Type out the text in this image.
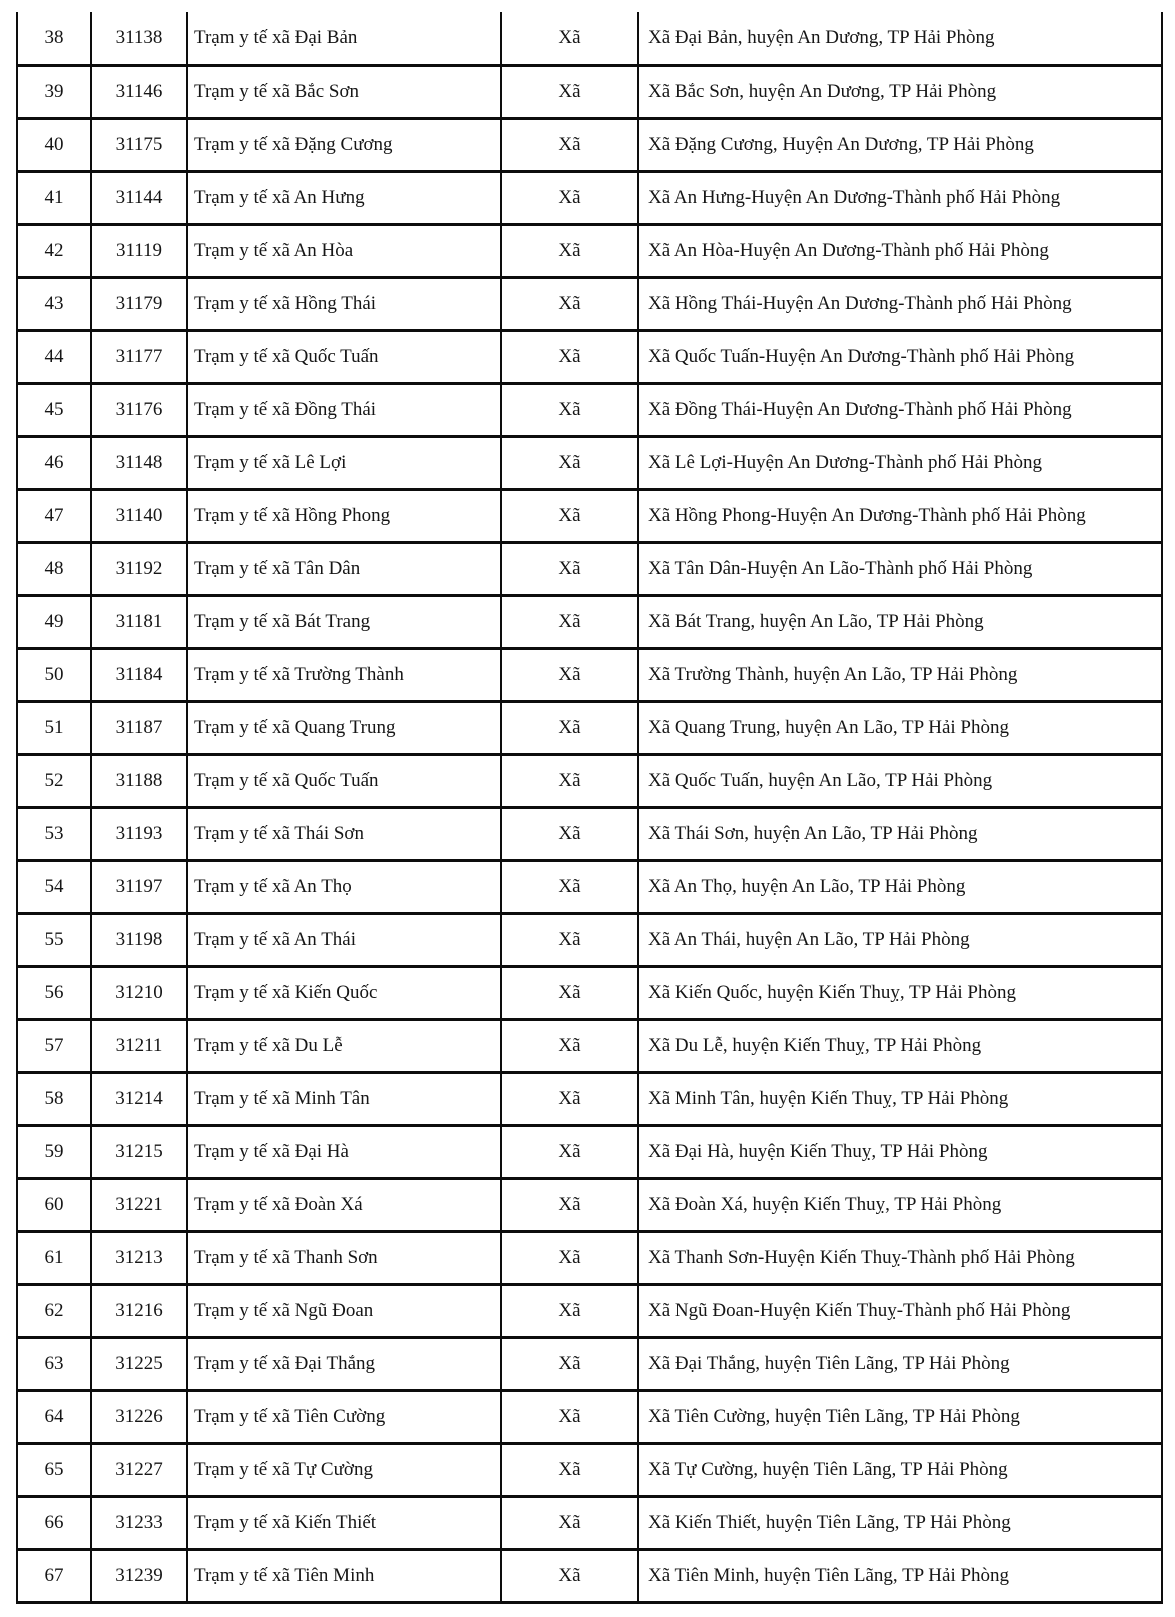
38	31138	Trạm y tế xã Đại Bản	Xã	Xã Đại Bản, huyện An Dương, TP Hải Phòng
39	31146	Trạm y tế xã Bắc Sơn	Xã	Xã Bắc Sơn, huyện An Dương, TP Hải Phòng
40	31175	Trạm y tế xã Đặng Cương	Xã	Xã Đặng Cương, Huyện An Dương, TP Hải Phòng
41	31144	Trạm y tế xã An Hưng	Xã	Xã An Hưng-Huyện An Dương-Thành phố Hải Phòng
42	31119	Trạm y tế xã An Hòa	Xã	Xã An Hòa-Huyện An Dương-Thành phố Hải Phòng
43	31179	Trạm y tế xã Hồng Thái	Xã	Xã Hồng Thái-Huyện An Dương-Thành phố Hải Phòng
44	31177	Trạm y tế xã Quốc Tuấn	Xã	Xã Quốc Tuấn-Huyện An Dương-Thành phố Hải Phòng
45	31176	Trạm y tế xã Đồng Thái	Xã	Xã Đồng Thái-Huyện An Dương-Thành phố Hải Phòng
46	31148	Trạm y tế xã Lê Lợi	Xã	Xã Lê Lợi-Huyện An Dương-Thành phố Hải Phòng
47	31140	Trạm y tế xã Hồng Phong	Xã	Xã Hồng Phong-Huyện An Dương-Thành phố Hải Phòng
48	31192	Trạm y tế xã Tân Dân	Xã	Xã Tân Dân-Huyện An Lão-Thành phố Hải Phòng
49	31181	Trạm y tế xã Bát Trang	Xã	Xã Bát Trang, huyện An Lão, TP Hải Phòng
50	31184	Trạm y tế xã Trường Thành	Xã	Xã Trường Thành, huyện An Lão, TP Hải Phòng
51	31187	Trạm y tế xã Quang Trung	Xã	Xã Quang Trung, huyện An Lão, TP Hải Phòng
52	31188	Trạm y tế xã Quốc Tuấn	Xã	Xã Quốc Tuấn, huyện An Lão, TP Hải Phòng
53	31193	Trạm y tế xã Thái Sơn	Xã	Xã Thái Sơn, huyện An Lão, TP Hải Phòng
54	31197	Trạm y tế xã An Thọ	Xã	Xã An Thọ, huyện An Lão, TP Hải Phòng
55	31198	Trạm y tế xã An Thái	Xã	Xã An Thái, huyện An Lão, TP Hải Phòng
56	31210	Trạm y tế xã Kiến Quốc	Xã	Xã Kiến Quốc, huyện Kiến Thuỵ, TP Hải Phòng
57	31211	Trạm y tế xã Du Lễ	Xã	Xã Du Lễ, huyện Kiến Thuỵ, TP Hải Phòng
58	31214	Trạm y tế xã Minh Tân	Xã	Xã Minh Tân, huyện Kiến Thuỵ, TP Hải Phòng
59	31215	Trạm y tế xã Đại Hà	Xã	Xã Đại Hà, huyện Kiến Thuỵ, TP Hải Phòng
60	31221	Trạm y tế xã Đoàn Xá	Xã	Xã Đoàn Xá, huyện Kiến Thuỵ, TP Hải Phòng
61	31213	Trạm y tế xã Thanh Sơn	Xã	Xã Thanh Sơn-Huyện Kiến Thuỵ-Thành phố Hải Phòng
62	31216	Trạm y tế xã Ngũ Đoan	Xã	Xã Ngũ Đoan-Huyện Kiến Thuỵ-Thành phố Hải Phòng
63	31225	Trạm y tế xã Đại Thắng	Xã	Xã Đại Thắng, huyện Tiên Lãng, TP Hải Phòng
64	31226	Trạm y tế xã Tiên Cường	Xã	Xã Tiên Cường, huyện Tiên Lãng, TP Hải Phòng
65	31227	Trạm y tế xã Tự Cường	Xã	Xã Tự Cường, huyện Tiên Lãng, TP Hải Phòng
66	31233	Trạm y tế xã Kiến Thiết	Xã	Xã Kiến Thiết, huyện Tiên Lãng, TP Hải Phòng
67	31239	Trạm y tế xã Tiên Minh	Xã	Xã Tiên Minh, huyện Tiên Lãng, TP Hải Phòng
